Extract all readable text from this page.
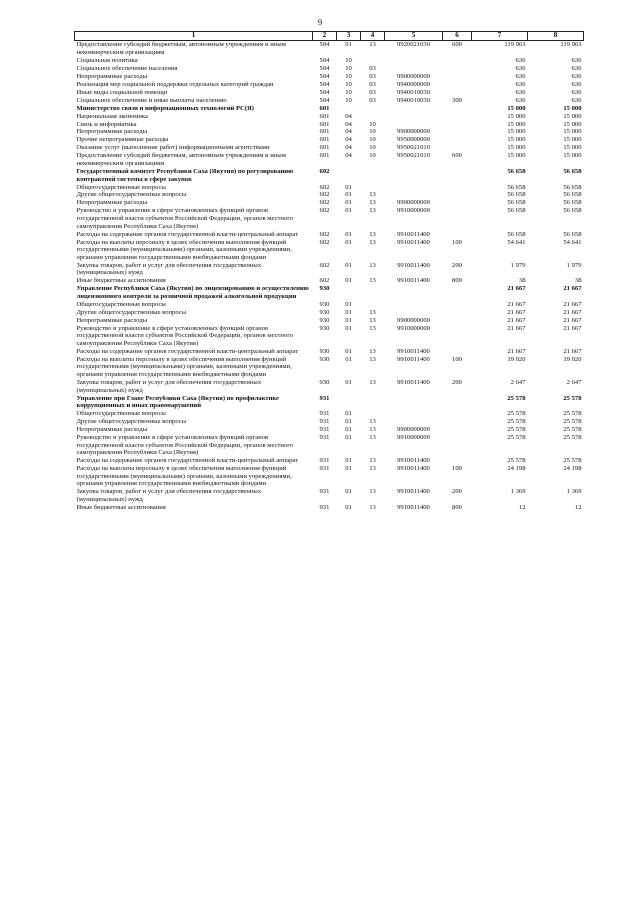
9
1	2	3	4	5	6	7	8
Предоставление субсидий бюджетным, автономным учреждениям и иным некоммерческим организациям	504	01	13	9920021030	600	119 963	119 963
Социальная политика	504	10				636	636
Социальное обеспечение населения	504	10	03			636	636
Непрограммные расходы	504	10	03	9900000000		636	636
Реализация мер социальной поддержки отдельных категорий граждан	504	10	03	9940000000		636	636
Иные виды социальной помощи	504	10	03	9940010030		636	636
Социальное обеспечение и иные выплаты населению	504	10	03	9940010030	300	636	636
Министерство связи и информационных технологий РС(Я)	601					15 000	15 000
Национальная экономика	601	04				15 000	15 000
Связь и информатика	601	04	10			15 000	15 000
Непрограммные расходы	601	04	10	9900000000		15 000	15 000
Прочие непрограммные расходы	601	04	10	9950000000		15 000	15 000
Оказание услуг (выполнение работ) информационными агентствами	601	04	10	9950021010		15 000	15 000
Предоставление субсидий бюджетным, автономным учреждениям и иным некоммерческим организациям	601	04	10	9950021010	600	15 000	15 000
Государственный комитет Республики Саха (Якутия) по регулированию контрактной системы в сфере закупок	602					56 658	56 658
Общегосударственные вопросы	602	01				56 658	56 658
Другие общегосударственные вопросы	602	01	13			56 658	56 658
Непрограммные расходы	602	01	13	9900000000		56 658	56 658
Руководство и управление в сфере установленных функций органов государственной власти субъектов Российской Федерации, органов местного самоуправления Республики Саха (Якутия)	602	01	13	9910000000		56 658	56 658
Расходы на содержание органов государственной власти-центральный аппарат	602	01	13	9910011400		56 658	56 658
Расходы на выплаты персоналу в целях обеспечения выполнения функций государственными (муниципальными) органами, казенными учреждениями, органами управления государственными внебюджетными фондами	602	01	13	9910011400	100	54 641	54 641
Закупка товаров, работ и услуг для обеспечения государственных (муниципальных) нужд	602	01	13	9910011400	200	1 979	1 979
Иные бюджетные ассигнования	602	01	13	9910011400	800	38	38
Управление Республики Саха (Якутия) по лицензированию и осуществлению лицензионного контроля за розничной продажей алкогольной продукции	930					21 667	21 667
Общегосударственные вопросы	930	01				21 667	21 667
Другие общегосударственные вопросы	930	01	13			21 667	21 667
Непрограммные расходы	930	01	13	9900000000		21 667	21 667
Руководство и управление в сфере установленных функций органов государственной власти субъектов Российской Федерации, органов местного самоуправления Республики Саха (Якутия)	930	01	13	9910000000		21 667	21 667
Расходы на содержание органов государственной власти-центральный аппарат	930	01	13	9910011400		21 667	21 667
Расходы на выплаты персоналу в целях обеспечения выполнения функций государственными (муниципальными) органами, казенными учреждениями, органами управления государственными внебюджетными фондами	930	01	13	9910011400	100	19 020	19 020
Закупка товаров, работ и услуг для обеспечения государственных (муниципальных) нужд	930	01	13	9910011400	200	2 647	2 647
Управление при Главе Республики Саха (Якутия) по профилактике коррупционных и иных правонарушений	931					25 578	25 578
Общегосударственные вопросы	931	01				25 578	25 578
Другие общегосударственные вопросы	931	01	13			25 578	25 578
Непрограммные расходы	931	01	13	9900000000		25 578	25 578
Руководство и управление в сфере установленных функций органов государственной власти субъектов Российской Федерации, органов местного самоуправления Республики Саха (Якутия)	931	01	13	9910000000		25 578	25 578
Расходы на содержание органов государственной власти-центральный аппарат	931	01	13	9910011400		25 578	25 578
Расходы на выплаты персоналу в целях обеспечения выполнения функций государственными (муниципальными) органами, казенными учреждениями, органами управления государственными внебюджетными фондами	931	01	13	9910011400	100	24 198	24 198
Закупка товаров, работ и услуг для обеспечения государственных (муниципальных) нужд	931	01	13	9910011400	200	1 369	1 369
Иные бюджетные ассигнования	931	01	13	9910011400	800	12	12
